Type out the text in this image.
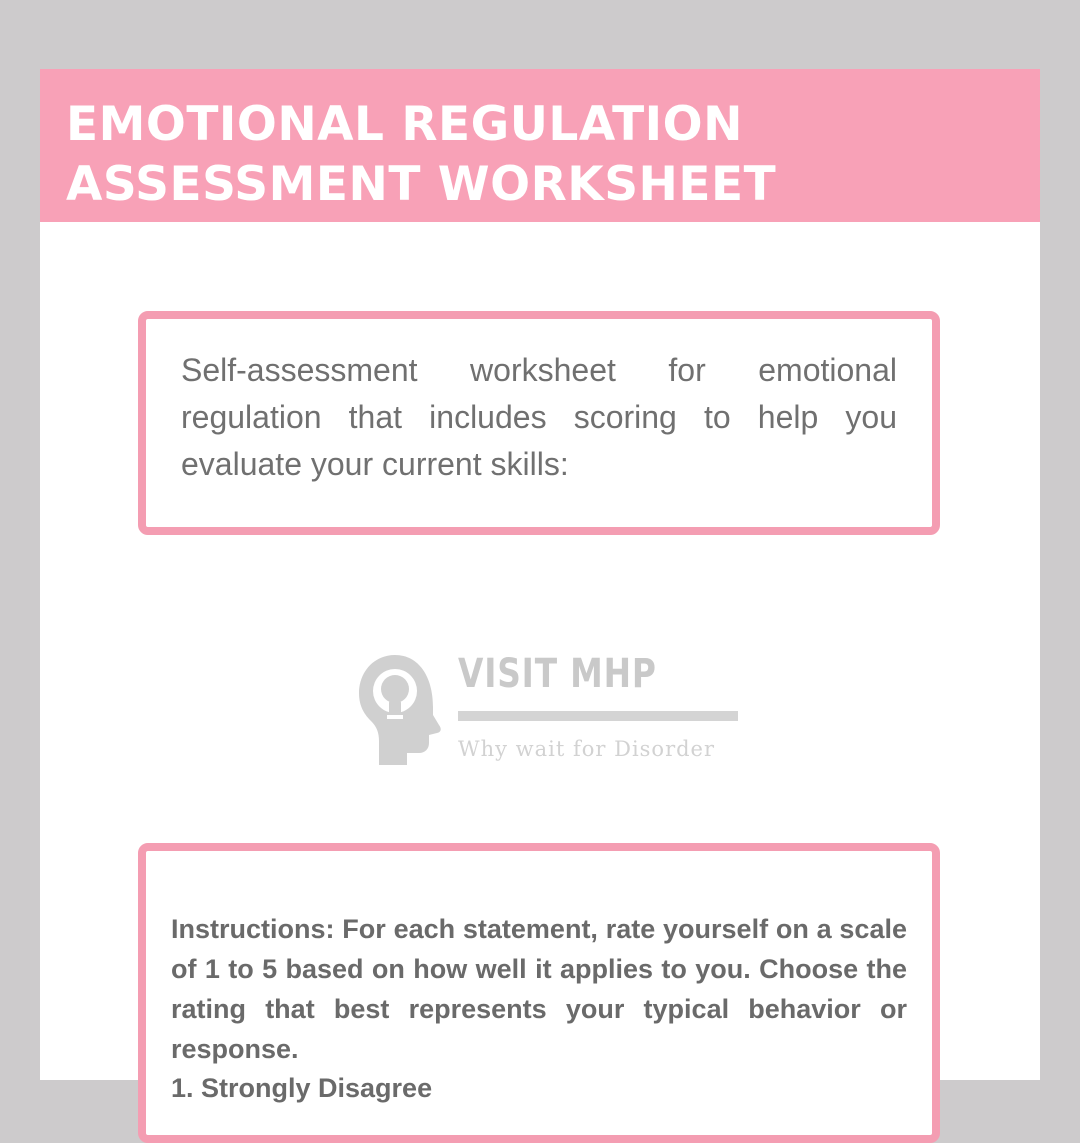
EMOTIONAL REGULATION
ASSESSMENT WORKSHEET

Self-assessment worksheet for emotional regulation that includes scoring to help you evaluate your current skills:

VISIT MHP
Why wait for Disorder

Instructions: For each statement, rate yourself on a scale of 1 to 5 based on how well it applies to you. Choose the rating that best represents your typical behavior or response.

1. Strongly Disagree
